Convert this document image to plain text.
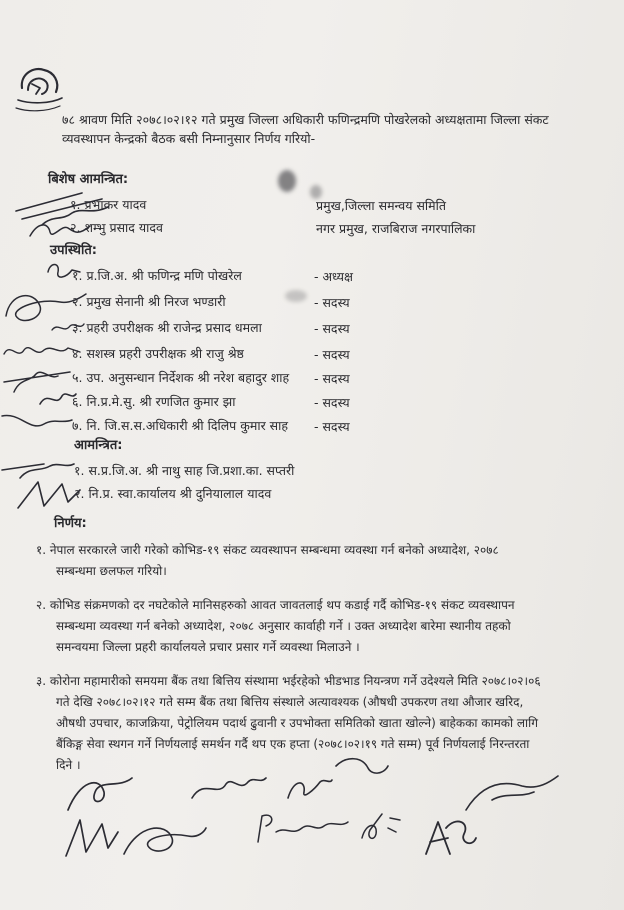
७८ श्रावण मिति २०७८।०२।१२ गते प्रमुख जिल्ला अधिकारी फणिन्द्रमणि पोखरेलको अध्यक्षतामा जिल्ला संकट
व्यवस्थापन केन्द्रको बैठक बसी निम्नानुसार निर्णय गरियो-
बिशेष आमन्त्रित:
१. प्रभाकर यादव	प्रमुख,जिल्ला समन्वय समिति
२. शम्भु प्रसाद यादव	नगर प्रमुख, राजबिराज नगरपालिका
उपस्थिति:
१. प्र.जि.अ. श्री फणिन्द्र मणि पोखरेल	- अध्यक्ष
२. प्रमुख सेनानी श्री निरज भण्डारी	- सदस्य
३. प्रहरी उपरीक्षक श्री राजेन्द्र प्रसाद धमला	- सदस्य
४. सशस्त्र प्रहरी उपरीक्षक श्री राजु श्रेष्ठ	- सदस्य
५. उप. अनुसन्धान निर्देशक श्री नरेश बहादुर शाह - सदस्य
६. नि.प्र.मे.सु. श्री रणजित कुमार झा	- सदस्य
७. नि. जि.स.स.अधिकारी श्री दिलिप कुमार साह - सदस्य
आमन्त्रित:
१. स.प्र.जि.अ. श्री नाथु साह जि.प्रशा.का. सप्तरी
२. नि.प्र. स्वा.कार्यालय श्री दुनियालाल यादव
निर्णय:
१. नेपाल सरकारले जारी गरेको कोभिड-१९ संकट व्यवस्थापन सम्बन्धमा व्यवस्था गर्न बनेको अध्यादेश, २०७८
सम्बन्धमा छलफल गरियो।
२. कोभिड संक्रमणको दर नघटेकोले मानिसहरुको आवत जावतलाई थप कडाई गर्दै कोभिड-१९ संकट व्यवस्थापन
सम्बन्धमा व्यवस्था गर्न बनेको अध्यादेश, २०७८ अनुसार कार्वाही गर्ने । उक्त अध्यादेश बारेमा स्थानीय तहको
समन्वयमा जिल्ला प्रहरी कार्यालयले प्रचार प्रसार गर्ने व्यवस्था मिलाउने ।
३. कोरोना महामारीको समयमा बैंक तथा बित्तिय संस्थामा भईरहेको भीडभाड नियन्त्रण गर्ने उदेश्यले मिति २०७८।०२।०६
गते देखि २०७८।०२।१२ गते सम्म बैंक तथा बित्तिय संस्थाले अत्यावश्यक (औषधी उपकरण तथा औजार खरिद,
औषधी उपचार, काजक्रिया, पेट्रोलियम पदार्थ ढुवानी र उपभोक्ता समितिको खाता खोल्ने) बाहेकका कामको लागि
बैंकिङ्ग सेवा स्थगन गर्ने निर्णयलाई समर्थन गर्दै थप एक हप्ता (२०७८।०२।१९ गते सम्म) पूर्व निर्णयलाई निरन्तरता
दिने ।
